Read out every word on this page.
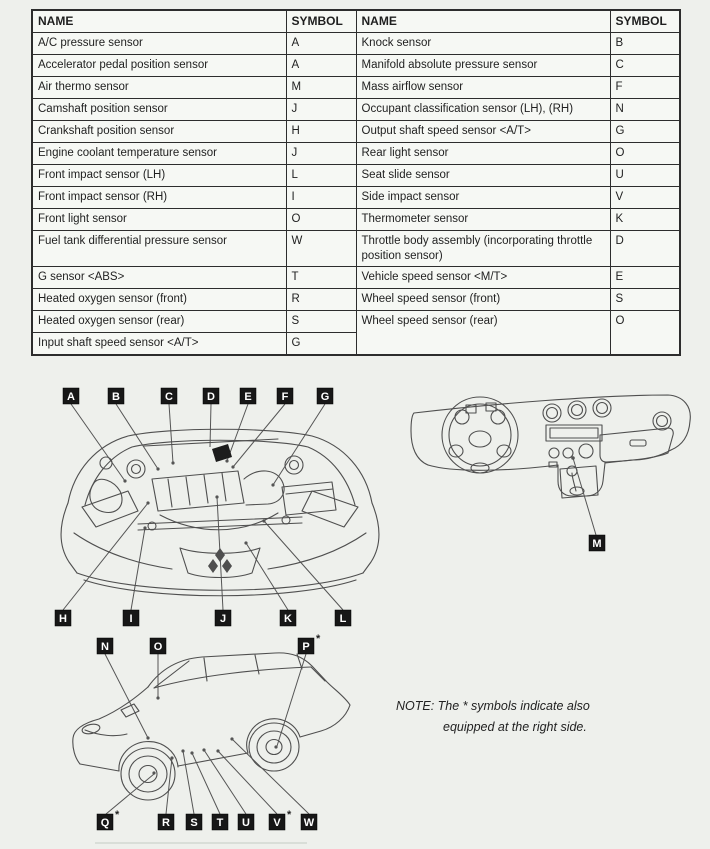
NAME	SYMBOL	NAME	SYMBOL
A/C pressure sensor	A	Knock sensor	B
Accelerator pedal position sensor	A	Manifold absolute pressure sensor	C
Air thermo sensor	M	Mass airflow sensor	F
Camshaft position sensor	J	Occupant classification sensor (LH), (RH)	N
Crankshaft position sensor	H	Output shaft speed sensor <A/T>	G
Engine coolant temperature sensor	J	Rear light sensor	O
Front impact sensor (LH)	L	Seat slide sensor	U
Front impact sensor (RH)	I	Side impact sensor	V
Front light sensor	O	Thermometer sensor	K
Fuel tank differential pressure sensor	W	Throttle body assembly (incorporating throttle position sensor)	D
G sensor <ABS>	T	Vehicle speed sensor <M/T>	E
Heated oxygen sensor (front)	R	Wheel speed sensor (front)	S
Heated oxygen sensor (rear)	S	Wheel speed sensor (rear)	O
Input shaft speed sensor <A/T>	G		
A	B	C	D	E	F	G
H	I	J	K	L
M
N	O	P
*
Q
*
R S T U V
*
W
NOTE: The * symbols indicate also
equipped at the right side.
